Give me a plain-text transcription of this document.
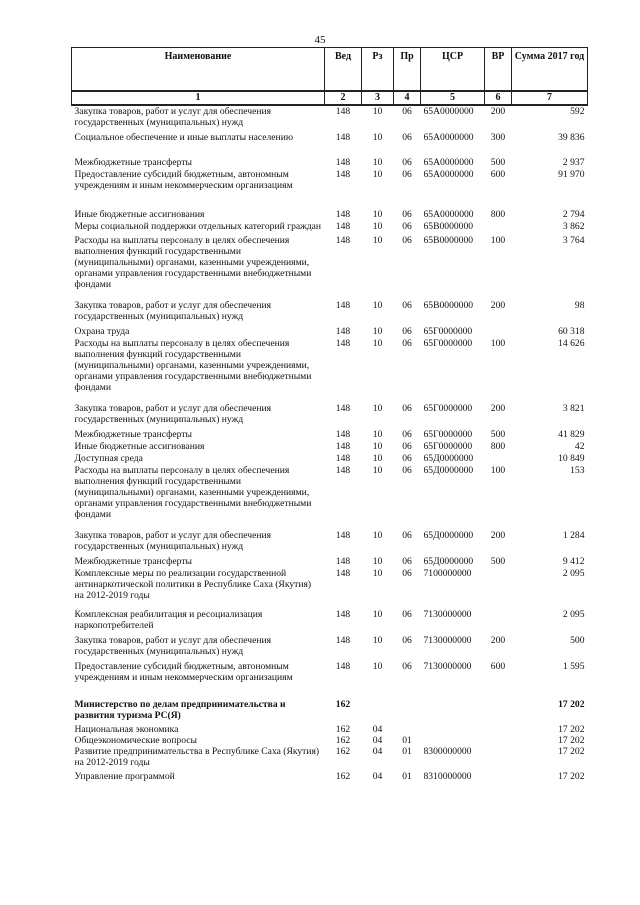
45
Наименование	Вед	Рз	Пр	ЦСР	ВР	Сумма 2017 год
1	2	3	4	5	6	7
Закупка товаров, работ и услуг для обеспечения государственных (муниципальных) нужд	148	10	06	65А0000000	200	592
Социальное обеспечение и иные выплаты населению	148	10	06	65А0000000	300	39 836
Межбюджетные трансферты	148	10	06	65А0000000	500	2 937
Предоставление субсидий бюджетным, автономным учреждениям и иным некоммерческим организациям	148	10	06	65А0000000	600	91 970
Иные бюджетные ассигнования	148	10	06	65А0000000	800	2 794
Меры социальной поддержки отдельных категорий граждан	148	10	06	65В0000000		3 862
Расходы на выплаты персоналу в целях обеспечения выполнения функций государственными (муниципальными) органами, казенными учреждениями, органами управления государственными внебюджетными фондами	148	10	06	65В0000000	100	3 764
Закупка товаров, работ и услуг для обеспечения государственных (муниципальных) нужд	148	10	06	65В0000000	200	98
Охрана труда	148	10	06	65Г0000000		60 318
Расходы на выплаты персоналу в целях обеспечения выполнения функций государственными (муниципальными) органами, казенными учреждениями, органами управления государственными внебюджетными фондами	148	10	06	65Г0000000	100	14 626
Закупка товаров, работ и услуг для обеспечения государственных (муниципальных) нужд	148	10	06	65Г0000000	200	3 821
Межбюджетные трансферты	148	10	06	65Г0000000	500	41 829
Иные бюджетные ассигнования	148	10	06	65Г0000000	800	42
Доступная среда	148	10	06	65Д0000000		10 849
Расходы на выплаты персоналу в целях обеспечения выполнения функций государственными (муниципальными) органами, казенными учреждениями, органами управления государственными внебюджетными фондами	148	10	06	65Д0000000	100	153
Закупка товаров, работ и услуг для обеспечения государственных (муниципальных) нужд	148	10	06	65Д0000000	200	1 284
Межбюджетные трансферты	148	10	06	65Д0000000	500	9 412
Комплексные меры по реализации государственной антинаркотической политики в Республике Саха (Якутия) на 2012-2019 годы	148	10	06	7100000000		2 095
Комплексная реабилитация и ресоциализация наркопотребителей	148	10	06	7130000000		2 095
Закупка товаров, работ и услуг для обеспечения государственных (муниципальных) нужд	148	10	06	7130000000	200	500
Предоставление субсидий бюджетным, автономным учреждениям и иным некоммерческим организациям	148	10	06	7130000000	600	1 595
Министерство по делам предпринимательства и развития туризма РС(Я)	162					17 202
Национальная экономика	162	04				17 202
Общеэкономические вопросы	162	04	01			17 202
Развитие предпринимательства в Республике Саха (Якутия) на 2012-2019 годы	162	04	01	8300000000		17 202
Управление программой	162	04	01	8310000000		17 202
